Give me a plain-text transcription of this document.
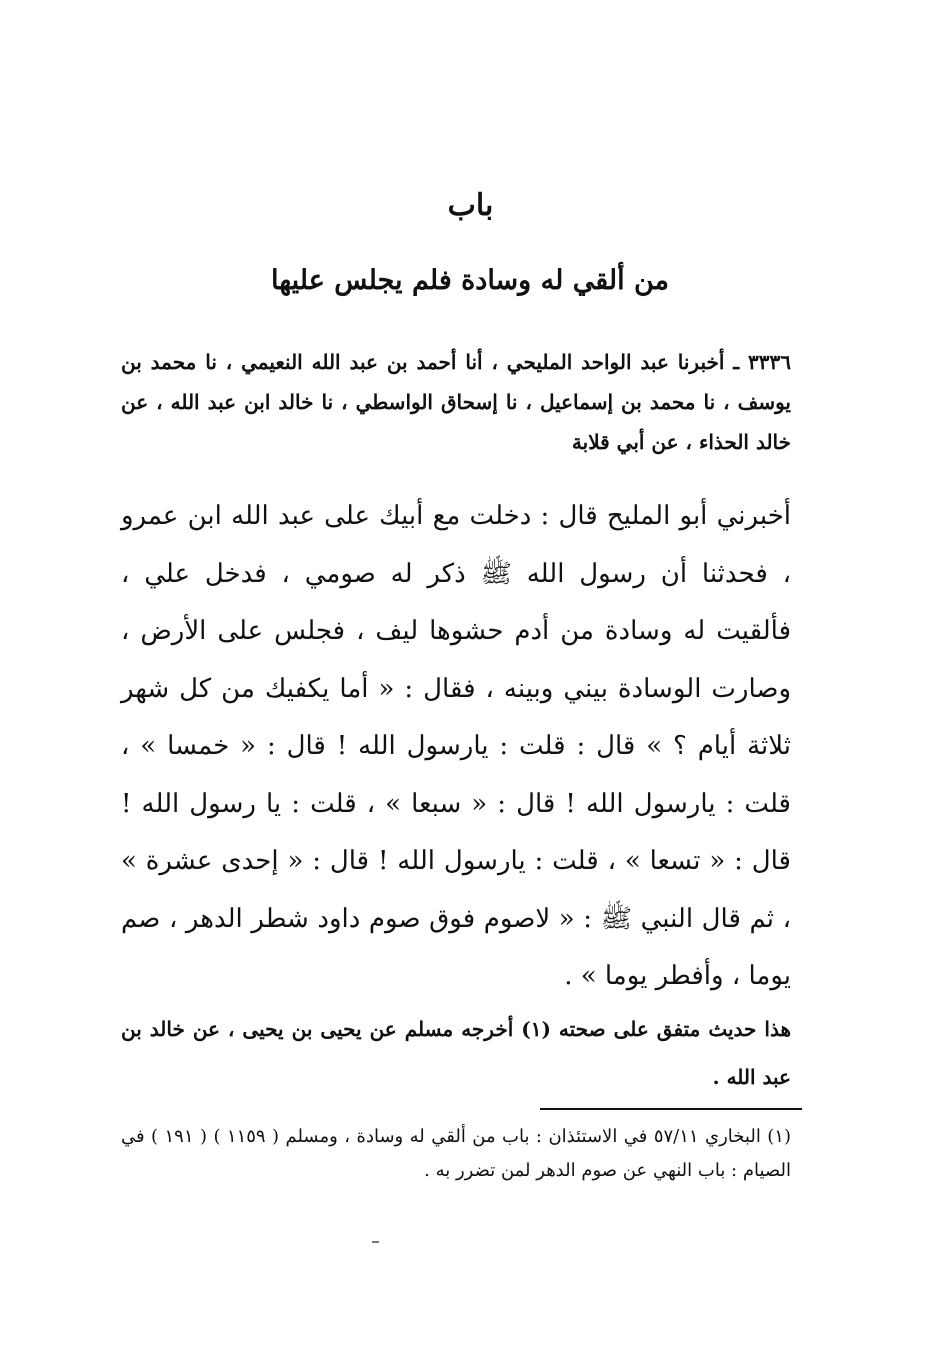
باب
من ألقي له وسادة فلم يجلس عليها
٣٣٣٦ ـ أخبرنا عبد الواحد المليحي ، أنا أحمد بن عبد الله النعيمي ، نا محمد بن يوسف ، نا محمد بن إسماعيل ، نا إسحاق الواسطي ، نا خالد ابن عبد الله ، عن خالد الحذاء ، عن أبي قلابة
أخبرني أبو المليح قال : دخلت مع أبيك على عبد الله ابن عمرو ، فحدثنا أن رسول الله ﷺ ذكر له صومي ، فدخل علي ، فألقيت له وسادة من أدم حشوها ليف ، فجلس على الأرض ، وصارت الوسادة بيني وبينه ، فقال : « أما يكفيك من كل شهر ثلاثة أيام ؟ » قال : قلت : يارسول الله ! قال : « خمسا » ، قلت : يارسول الله ! قال : « سبعا » ، قلت : يا رسول الله ! قال : « تسعا » ، قلت : يارسول الله ! قال : « إحدى عشرة » ، ثم قال النبي ﷺ : « لاصوم فوق صوم داود شطر الدهر ، صم يوما ، وأفطر يوما » .
هذا حديث متفق على صحته (١) أخرجه مسلم عن يحيى بن يحيى ، عن خالد بن عبد الله .
(١) البخاري ٥٧/١١ في الاستئذان : باب من ألقي له وسادة ، ومسلم ( ١١٥٩ ) ( ١٩١ ) في الصيام : باب النهي عن صوم الدهر لمن تضرر به .
